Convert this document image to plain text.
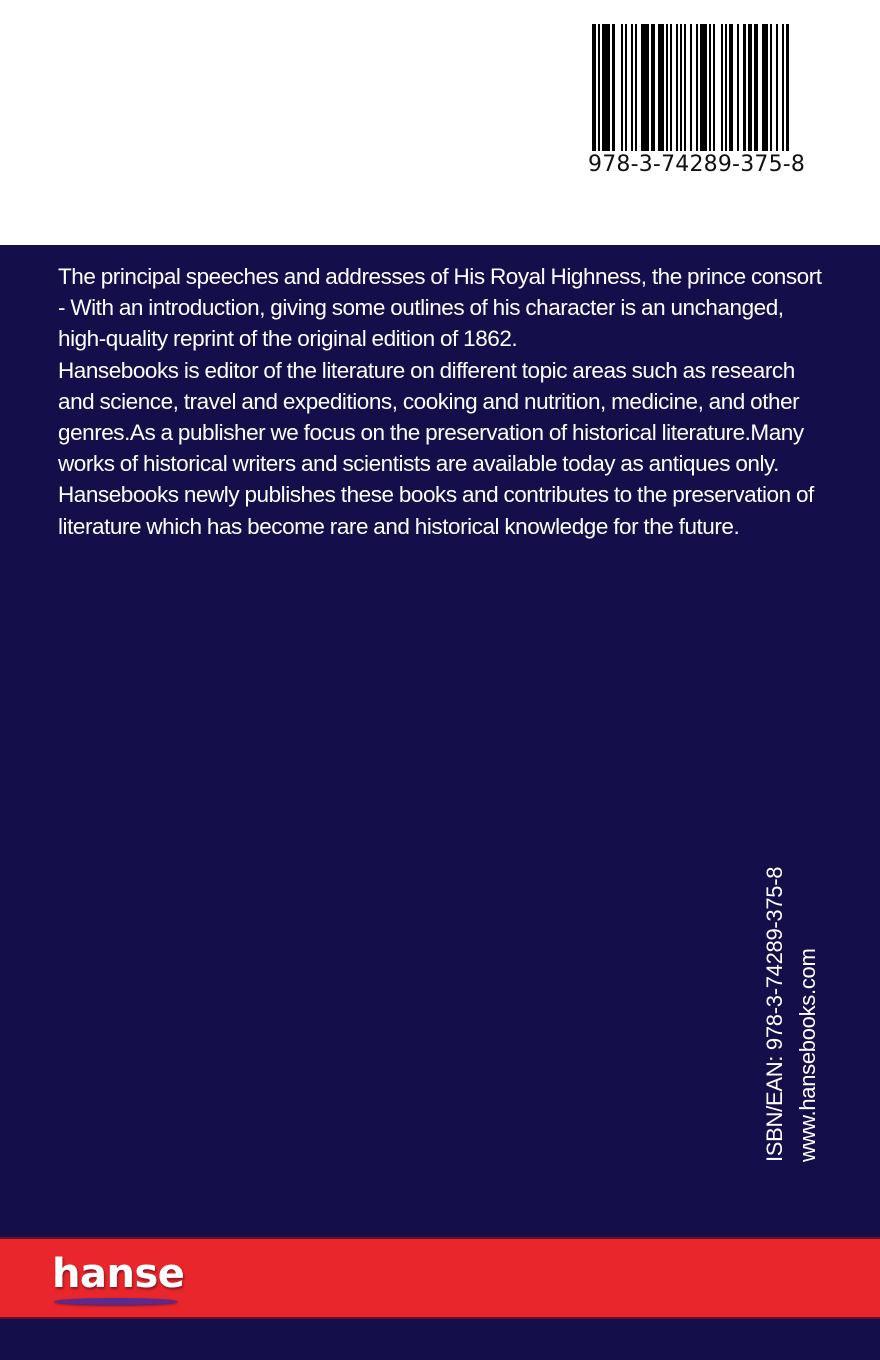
978-3-74289-375-8

The principal speeches and addresses of His Royal Highness, the prince consort - With an introduction, giving some outlines of his character is an unchanged, high-quality reprint of the original edition of 1862.

Hansebooks is editor of the literature on different topic areas such as research and science, travel and expeditions, cooking and nutrition, medicine, and other genres.As a publisher we focus on the preservation of historical literature.Many works of historical writers and scientists are available today as antiques only. Hansebooks newly publishes these books and contributes to the preservation of literature which has become rare and historical knowledge for the future.

ISBN/EAN: 978-3-74289-375-8 www.hansebooks.com
hanse
